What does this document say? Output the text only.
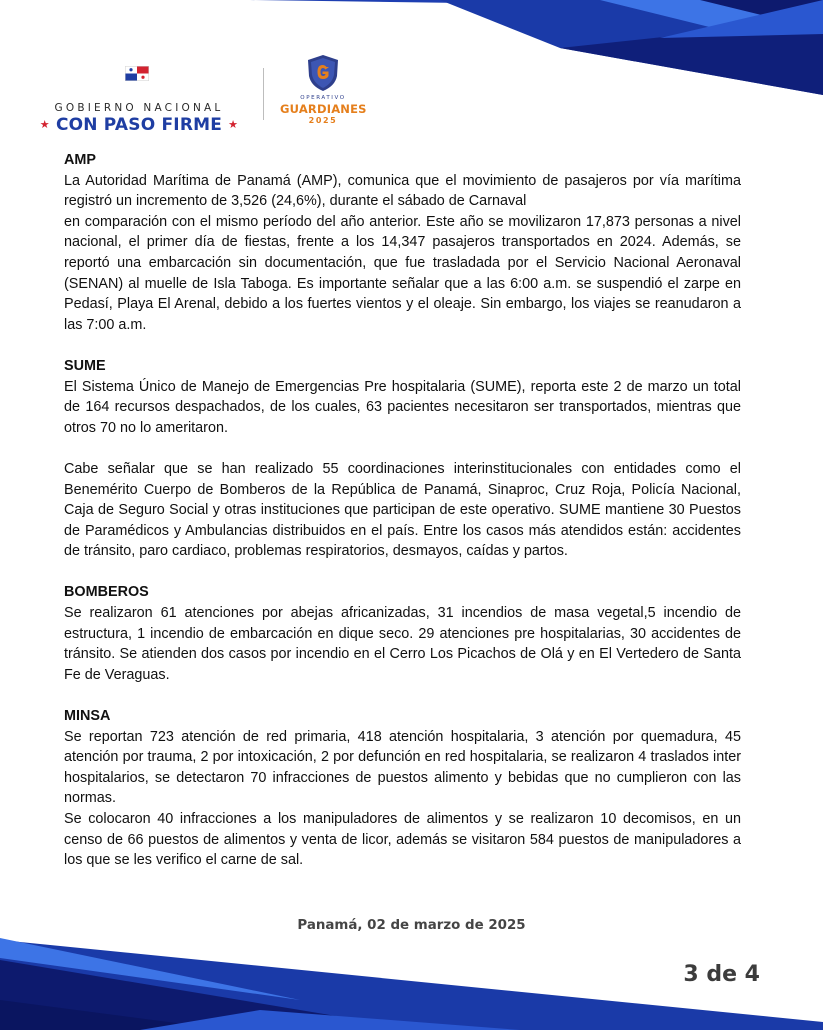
GOBIERNO NACIONAL
★ CON PASO FIRME ★
OPERATIVO
GUARDIANES
2025

AMP

La Autoridad Marítima de Panamá (AMP), comunica que el movimiento de pasajeros por vía marítima registró un incremento de 3,526 (24,6%), durante el sábado de Carnaval

en comparación con el mismo período del año anterior. Este año se movilizaron 17,873 personas a nivel nacional, el primer día de fiestas, frente a los 14,347 pasajeros transportados en 2024. Además, se reportó una embarcación sin documentación, que fue trasladada por el Servicio Nacional Aeronaval (SENAN) al muelle de Isla Taboga. Es importante señalar que a las 6:00 a.m. se suspendió el zarpe en Pedasí, Playa El Arenal, debido a los fuertes vientos y el oleaje. Sin embargo, los viajes se reanudaron a las 7:00 a.m.

SUME

El Sistema Único de Manejo de Emergencias Pre hospitalaria (SUME), reporta este 2 de marzo un total de 164 recursos despachados, de los cuales, 63 pacientes necesitaron ser transportados, mientras que otros 70 no lo ameritaron.

Cabe señalar que se han realizado 55 coordinaciones interinstitucionales con entidades como el Benemérito Cuerpo de Bomberos de la República de Panamá, Sinaproc, Cruz Roja, Policía Nacional, Caja de Seguro Social y otras instituciones que participan de este operativo. SUME mantiene 30 Puestos de Paramédicos y Ambulancias distribuidos en el país. Entre los casos más atendidos están: accidentes de tránsito, paro cardiaco, problemas respiratorios, desmayos, caídas y partos.

BOMBEROS

Se realizaron 61 atenciones por abejas africanizadas, 31 incendios de masa vegetal,5 incendio de estructura, 1 incendio de embarcación en dique seco. 29 atenciones pre hospitalarias, 30 accidentes de tránsito. Se atienden dos casos por incendio en el Cerro Los Picachos de Olá y en El Vertedero de Santa Fe de Veraguas.

MINSA

Se reportan 723 atención de red primaria, 418 atención hospitalaria, 3 atención por quemadura, 45 atención por trauma, 2 por intoxicación, 2 por defunción en red hospitalaria, se realizaron 4 traslados inter hospitalarios, se detectaron 70 infracciones de puestos alimento y bebidas que no cumplieron con las normas.

Se colocaron 40 infracciones a los manipuladores de alimentos y se realizaron 10 decomisos, en un censo de 66 puestos de alimentos y venta de licor, además se visitaron 584 puestos de manipuladores a los que se les verifico el carne de sal.

Panamá, 02 de marzo de 2025
3 de 4
